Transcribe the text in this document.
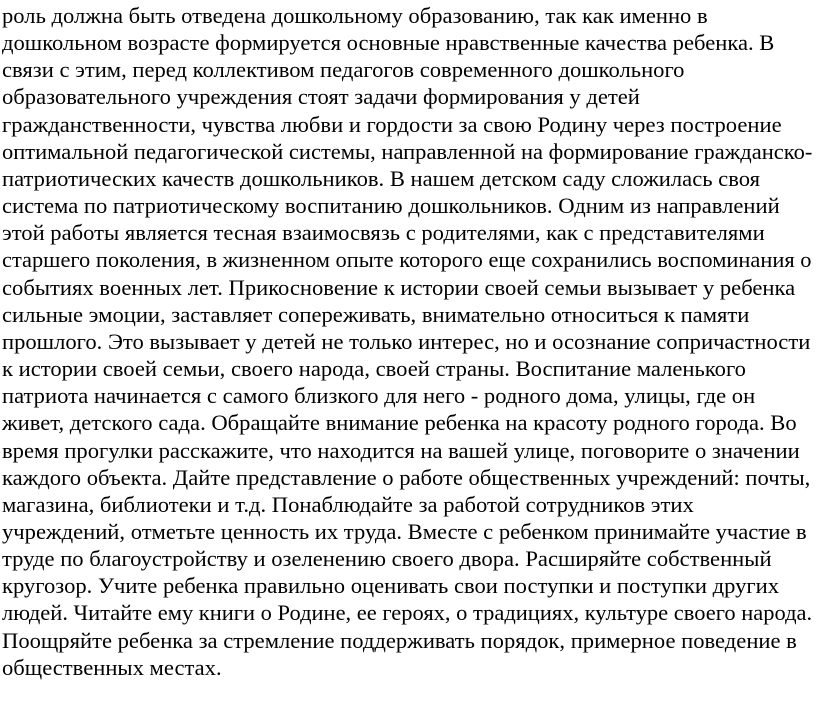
роль должна быть отведена дошкольному образованию, так как именно в
дошкольном возрасте формируется основные нравственные качества ребенка. В
связи с этим, перед коллективом педагогов современного дошкольного
образовательного учреждения стоят задачи формирования у детей
гражданственности, чувства любви и гордости за свою Родину через построение
оптимальной педагогической системы, направленной на формирование гражданско-
патриотических качеств дошкольников. В нашем детском саду сложилась своя
система по патриотическому воспитанию дошкольников. Одним из направлений
этой работы является тесная взаимосвязь с родителями, как с представителями
старшего поколения, в жизненном опыте которого еще сохранились воспоминания о
событиях военных лет. Прикосновение к истории своей семьи вызывает у ребенка
сильные эмоции, заставляет сопереживать, внимательно относиться к памяти
прошлого. Это вызывает у детей не только интерес, но и осознание сопричастности
к истории своей семьи, своего народа, своей страны. Воспитание маленького
патриота начинается с самого близкого для него - родного дома, улицы, где он
живет, детского сада. Обращайте внимание ребенка на красоту родного города. Во
время прогулки расскажите, что находится на вашей улице, поговорите о значении
каждого объекта. Дайте представление о работе общественных учреждений: почты,
магазина, библиотеки и т.д. Понаблюдайте за работой сотрудников этих
учреждений, отметьте ценность их труда. Вместе с ребенком принимайте участие в
труде по благоустройству и озеленению своего двора. Расширяйте собственный
кругозор. Учите ребенка правильно оценивать свои поступки и поступки других
людей. Читайте ему книги о Родине, ее героях, о традициях, культуре своего народа.
Поощряйте ребенка за стремление поддерживать порядок, примерное поведение в
общественных местах.
